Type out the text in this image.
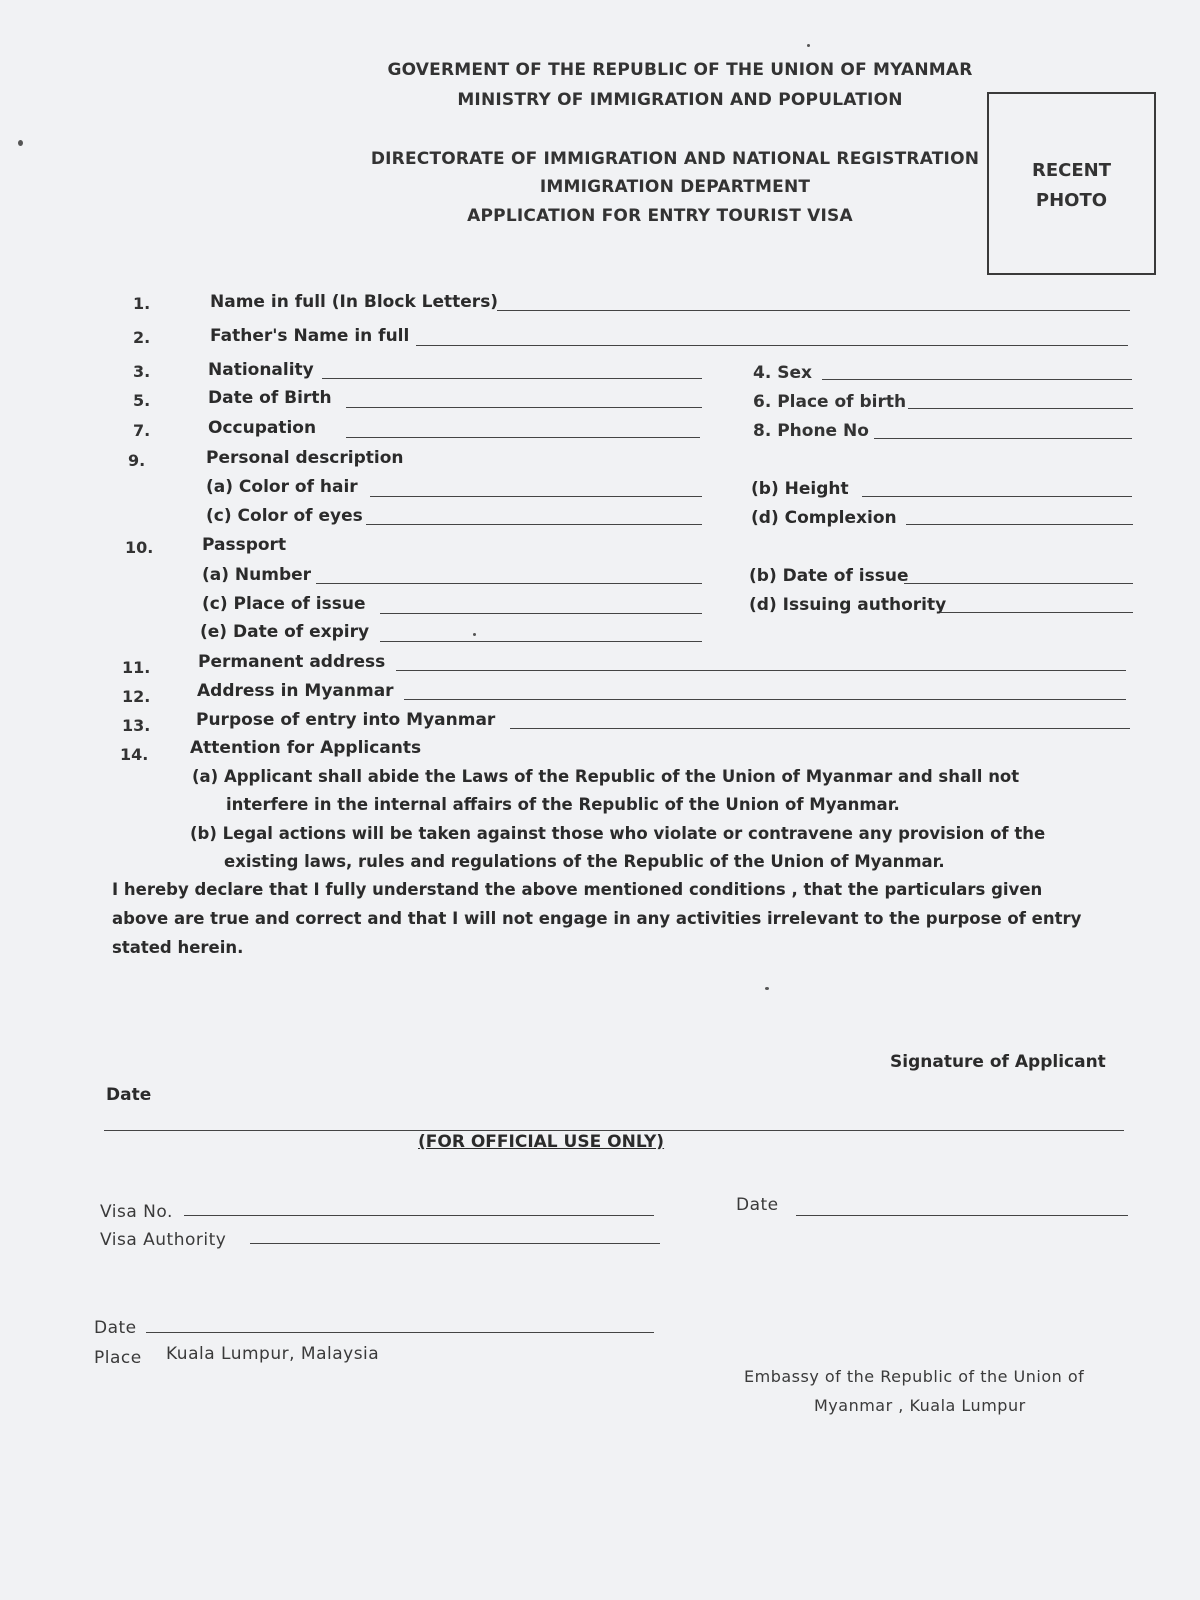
GOVERMENT OF THE REPUBLIC OF THE UNION OF MYANMAR
MINISTRY OF IMMIGRATION AND POPULATION
DIRECTORATE OF IMMIGRATION AND NATIONAL REGISTRATION
IMMIGRATION DEPARTMENT
APPLICATION FOR ENTRY TOURIST VISA
RECENT
PHOTO
1.	Name in full (In Block Letters)
2.	Father's Name in full
3.	Nationality	4. Sex
5.	Date of Birth	6. Place of birth
7.	Occupation	8. Phone No
9.	Personal description
(a) Color of hair	(b) Height
(c) Color of eyes	(d) Complexion
10.	Passport
(a) Number	(b) Date of issue
(c) Place of issue	(d) Issuing authority
(e) Date of expiry
11.	Permanent address
12.	Address in Myanmar
13.	Purpose of entry into Myanmar
14. Attention for Applicants
(a) Applicant shall abide the Laws of the Republic of the Union of Myanmar and shall not
interfere in the internal affairs of the Republic of the Union of Myanmar.
(b) Legal actions will be taken against those who violate or contravene any provision of the
existing laws, rules and regulations of the Republic of the Union of Myanmar.
I hereby declare that I fully understand the above mentioned conditions , that the particulars given
above are true and correct and that I will not engage in any activities irrelevant to the purpose of entry
stated herein.
Signature of Applicant
Date
(FOR OFFICIAL USE ONLY)
Visa No.	Date
Visa Authority
Date
Place Kuala Lumpur, Malaysia
Embassy of the Republic of the Union of
Myanmar , Kuala Lumpur
